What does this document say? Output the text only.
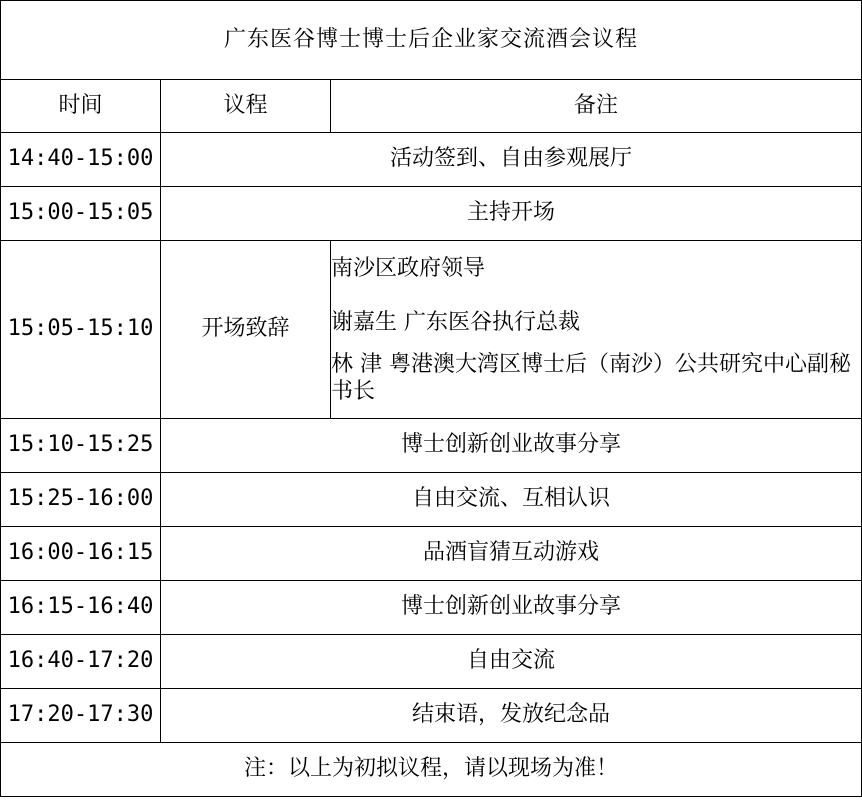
广东医谷博士博士后企业家交流酒会议程		
时间	议程	备注
14:40-15:00	活动签到、自由参观展厅	
15:00-15:05	主持开场	
15:05-15:10	开场致辞	南沙区政府领导
谢嘉生 广东医谷执行总裁
林 津 粤港澳大湾区博士后（南沙）公共研究中心副秘书长

15:10-15:25	博士创新创业故事分享	
15:25-16:00	自由交流、互相认识	
16:00-16:15	品酒盲猜互动游戏	
16:15-16:40	博士创新创业故事分享	
16:40-17:20	自由交流	
17:20-17:30	结束语，发放纪念品	
注：以上为初拟议程，请以现场为准！		
